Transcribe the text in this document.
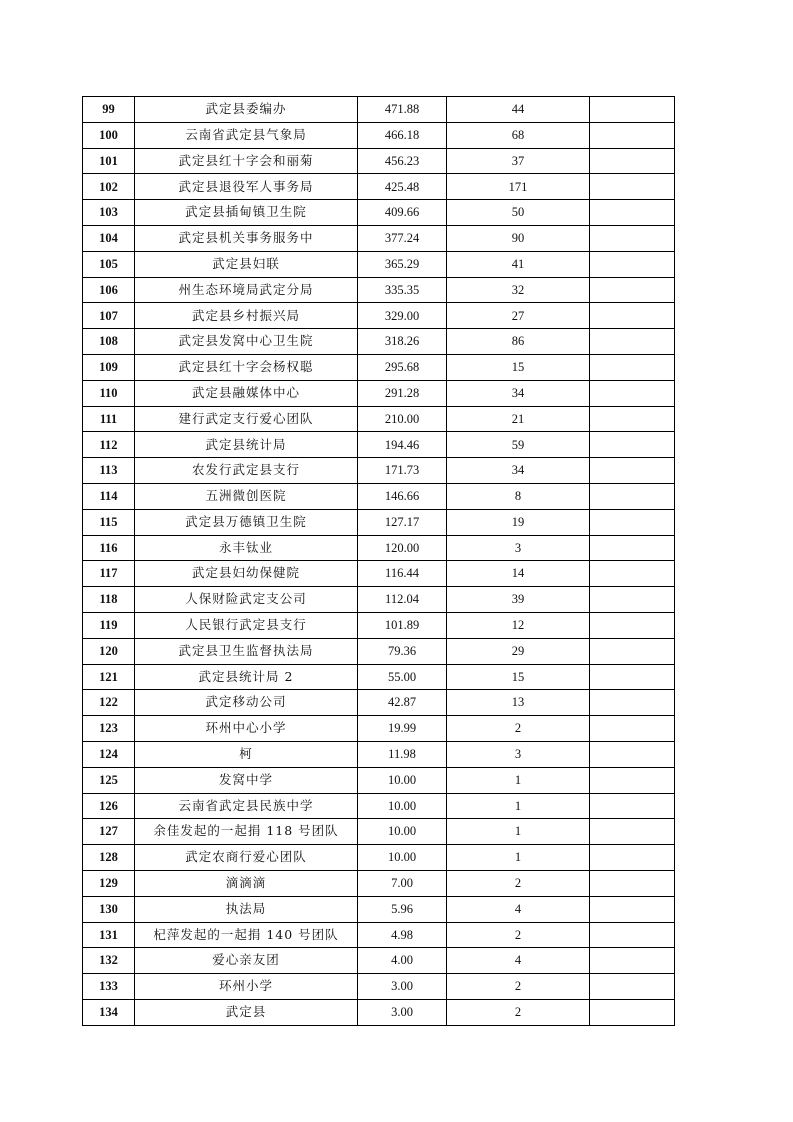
99	武定县委编办	471.88	44	
100	云南省武定县气象局	466.18	68	
101	武定县红十字会和丽菊	456.23	37	
102	武定县退役军人事务局	425.48	171	
103	武定县插甸镇卫生院	409.66	50	
104	武定县机关事务服务中	377.24	90	
105	武定县妇联	365.29	41	
106	州生态环境局武定分局	335.35	32	
107	武定县乡村振兴局	329.00	27	
108	武定县发窝中心卫生院	318.26	86	
109	武定县红十字会杨权聪	295.68	15	
110	武定县融媒体中心	291.28	34	
111	建行武定支行爱心团队	210.00	21	
112	武定县统计局	194.46	59	
113	农发行武定县支行	171.73	34	
114	五洲微创医院	146.66	8	
115	武定县万德镇卫生院	127.17	19	
116	永丰钛业	120.00	3	
117	武定县妇幼保健院	116.44	14	
118	人保财险武定支公司	112.04	39	
119	人民银行武定县支行	101.89	12	
120	武定县卫生监督执法局	79.36	29	
121	武定县统计局 2	55.00	15	
122	武定移动公司	42.87	13	
123	环州中心小学	19.99	2	
124	柯	11.98	3	
125	发窝中学	10.00	1	
126	云南省武定县民族中学	10.00	1	
127	余佳发起的一起捐 118 号团队	10.00	1	
128	武定农商行爱心团队	10.00	1	
129	滴滴滴	7.00	2	
130	执法局	5.96	4	
131	杞萍发起的一起捐 140 号团队	4.98	2	
132	爱心亲友团	4.00	4	
133	环州小学	3.00	2	
134	武定县	3.00	2	
